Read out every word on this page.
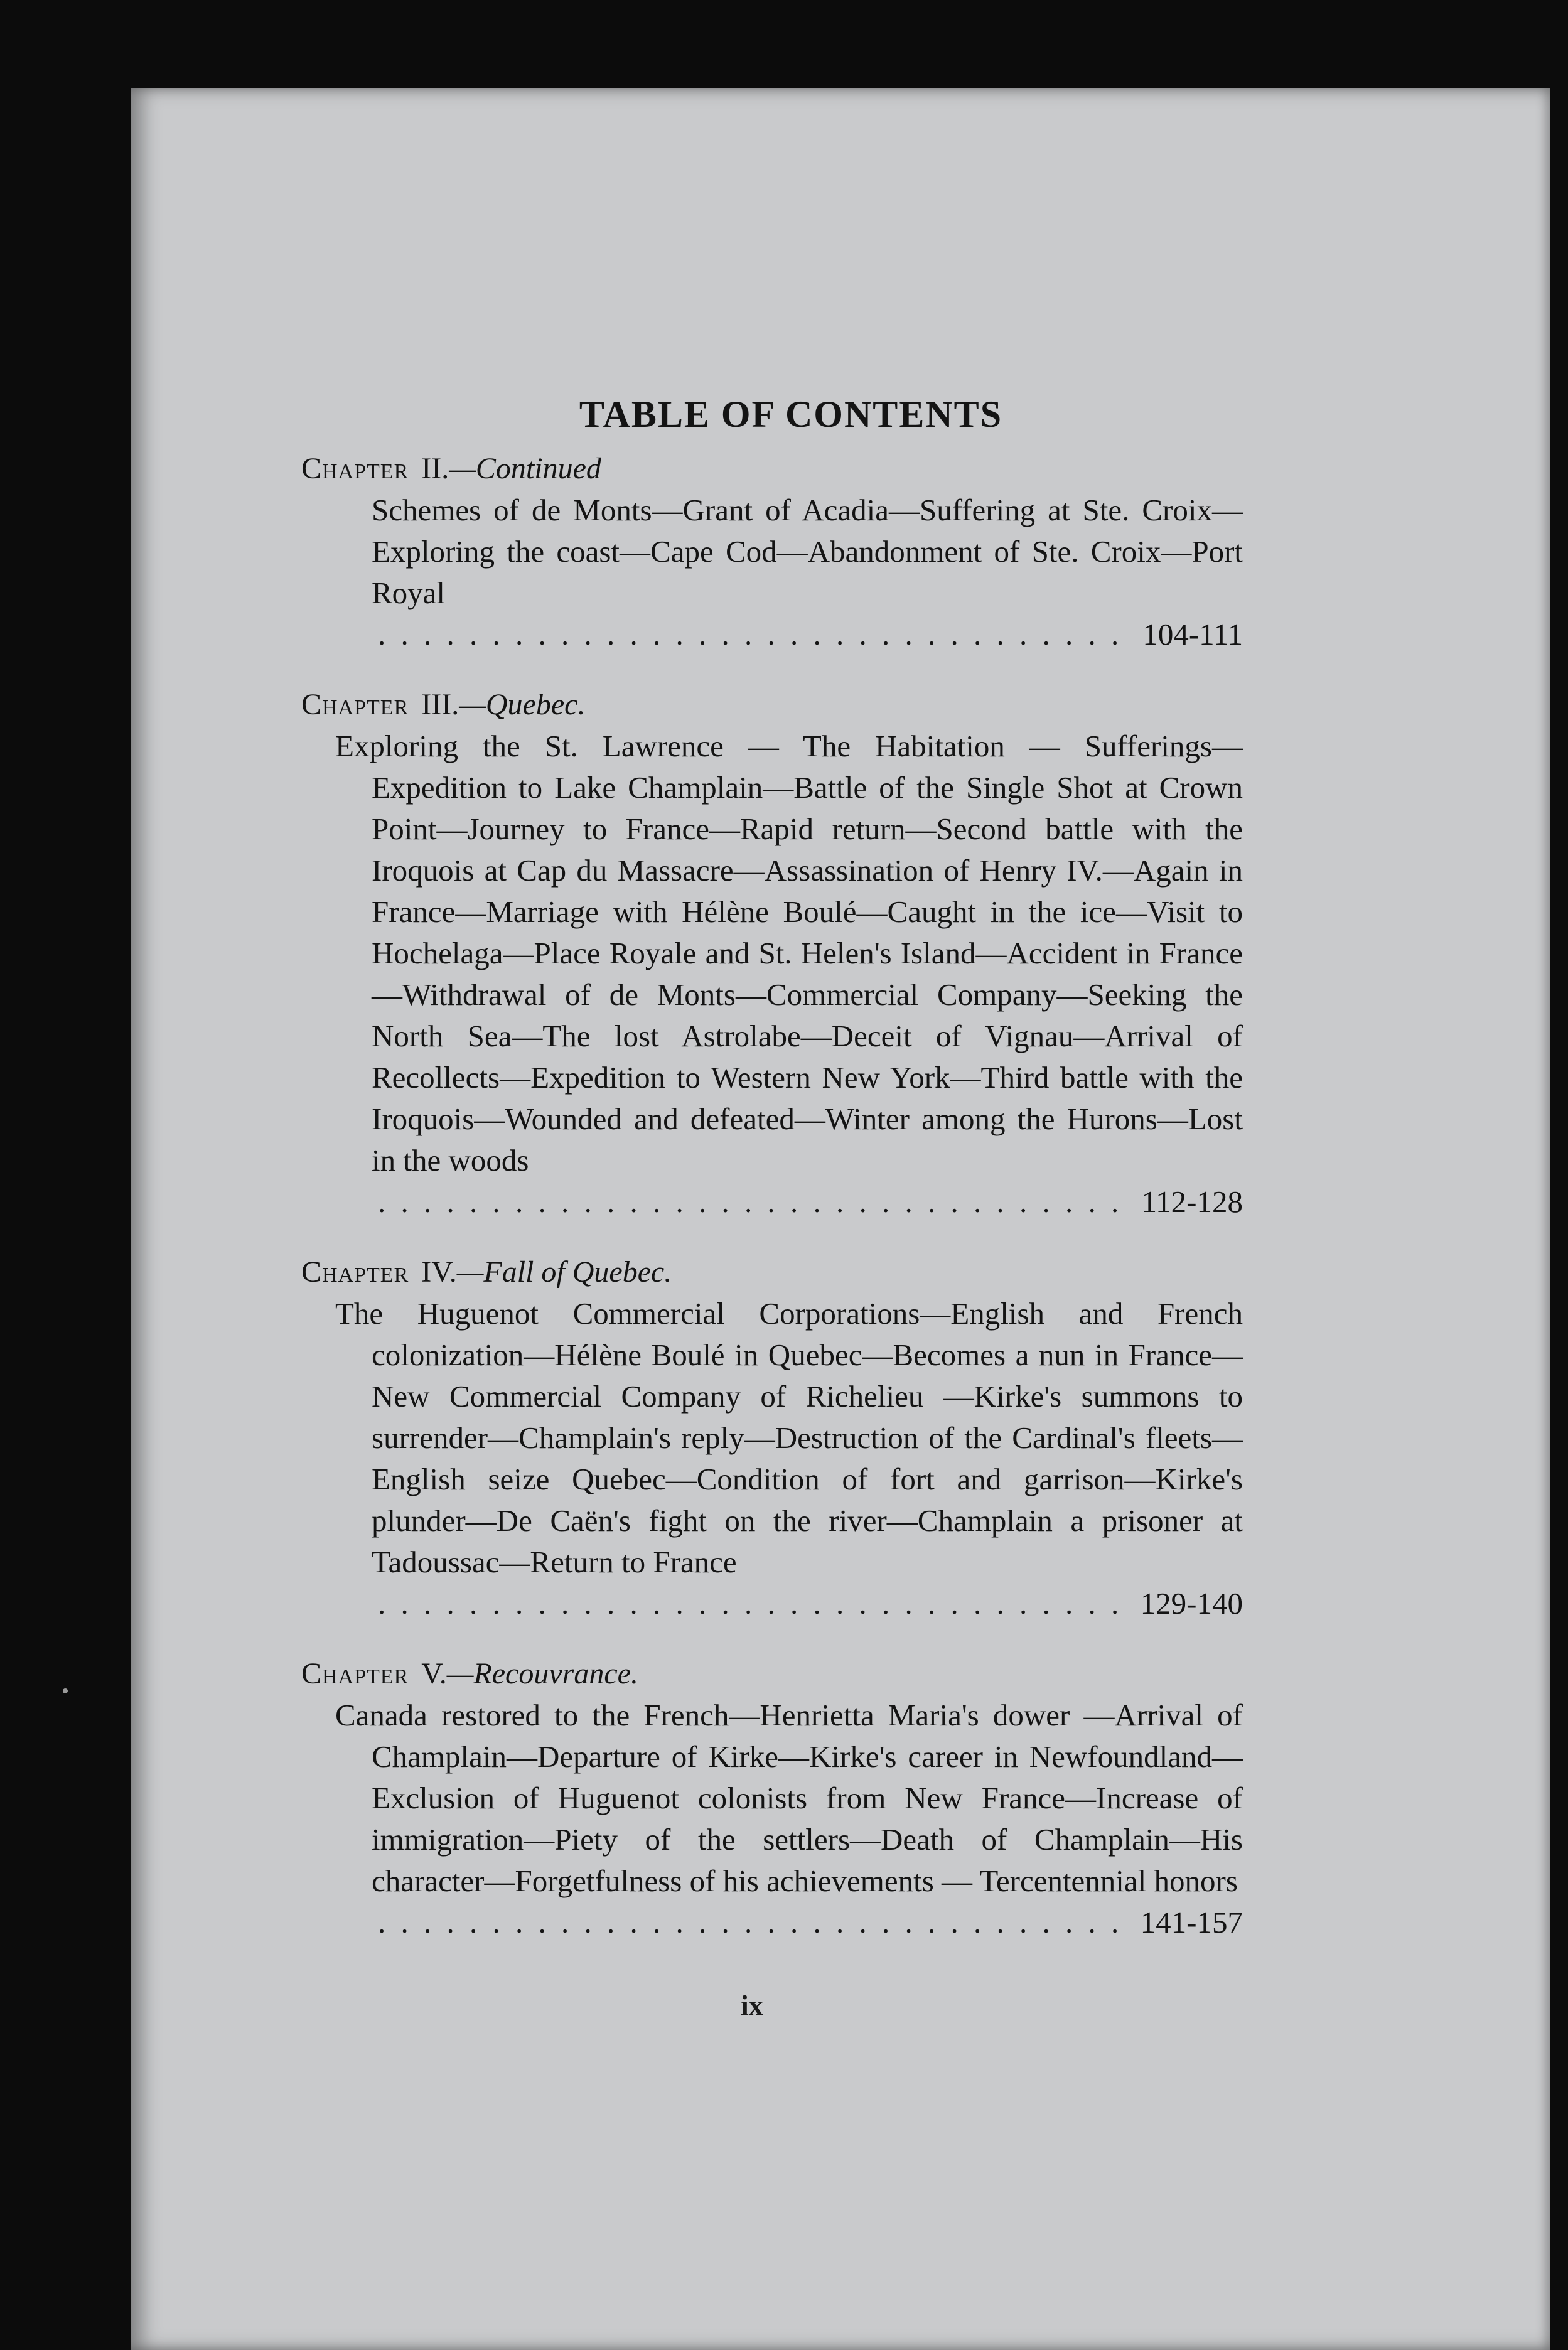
TABLE OF CONTENTS

Chapter II.—Continued

Schemes of de Monts—Grant of Acadia—Suffering at Ste. Croix—Exploring the coast—Cape Cod—Abandonment of Ste. Croix—Port Royal

. . .
104-111

Chapter III.—Quebec.

Exploring the St. Lawrence — The Habitation — Sufferings—Expedition to Lake Champlain—Battle of the Single Shot at Crown Point—Journey to France—Rapid return—Second battle with the Iroquois at Cap du Massacre—Assassination of Henry IV.—Again in France—Marriage with Hélène Boulé—Caught in the ice—Visit to Hochelaga—Place Royale and St. Helen's Island—Accident in France—Withdrawal of de Monts—Commercial Company—Seeking the North Sea—The lost Astrolabe—Deceit of Vignau—Arrival of Recollects—Expedition to Western New York—Third battle with the Iroquois—Wounded and defeated—Winter among the Hurons—Lost in the woods

. . .
112-128

Chapter IV.—Fall of Quebec.

The Huguenot Commercial Corporations—English and French colonization—Hélène Boulé in Quebec—Becomes a nun in France—New Commercial Company of Richelieu —Kirke's summons to surrender—Champlain's reply—Destruction of the Cardinal's fleets—English seize Quebec—Condition of fort and garrison—Kirke's plunder—De Caën's fight on the river—Champlain a prisoner at Tadoussac—Return to France

. . .
129-140

Chapter V.—Recouvrance.

Canada restored to the French—Henrietta Maria's dower —Arrival of Champlain—Departure of Kirke—Kirke's career in Newfoundland—Exclusion of Huguenot colonists from New France—Increase of immigration—Piety of the settlers—Death of Champlain—His character—Forgetfulness of his achievements — Tercentennial honors

. . .
141-157
ix
